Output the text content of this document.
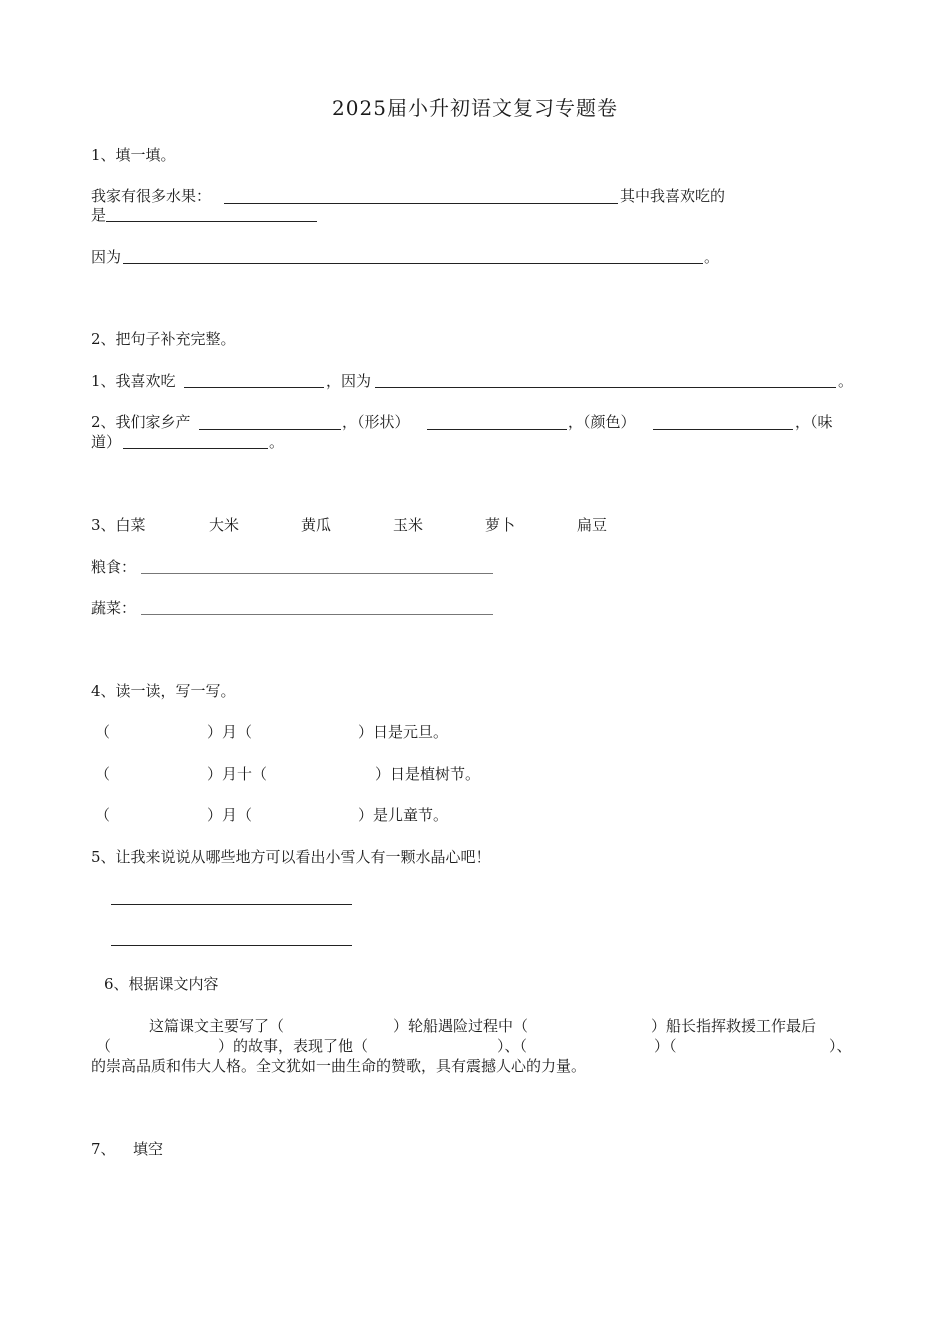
2025届小升初语文复习专题卷
1、填一填。
我家有很多水果：	其中我喜欢吃的
是
因为	。
2、把句子补充完整。
1、我喜欢吃	，因为	。
2、我们家乡产	，（形状）	，（颜色）	，（味
道）	。
3、白菜	大米	黄瓜	玉米	萝卜	扁豆
粮食：
蔬菜：
4、读一读，写一写。
（	）月（	）日是元旦。
（	）月十（	）日是植树节。
（	）月（	）是儿童节。
5、让我来说说从哪些地方可以看出小雪人有一颗水晶心吧！
6、根据课文内容
这篇课文主要写了（	）轮船遇险过程中（	）船长指挥救援工作最后
（	）的故事，表现了他（	）、（	）（	）、
的崇高品质和伟大人格。全文犹如一曲生命的赞歌，具有震撼人心的力量。
7、 填空
